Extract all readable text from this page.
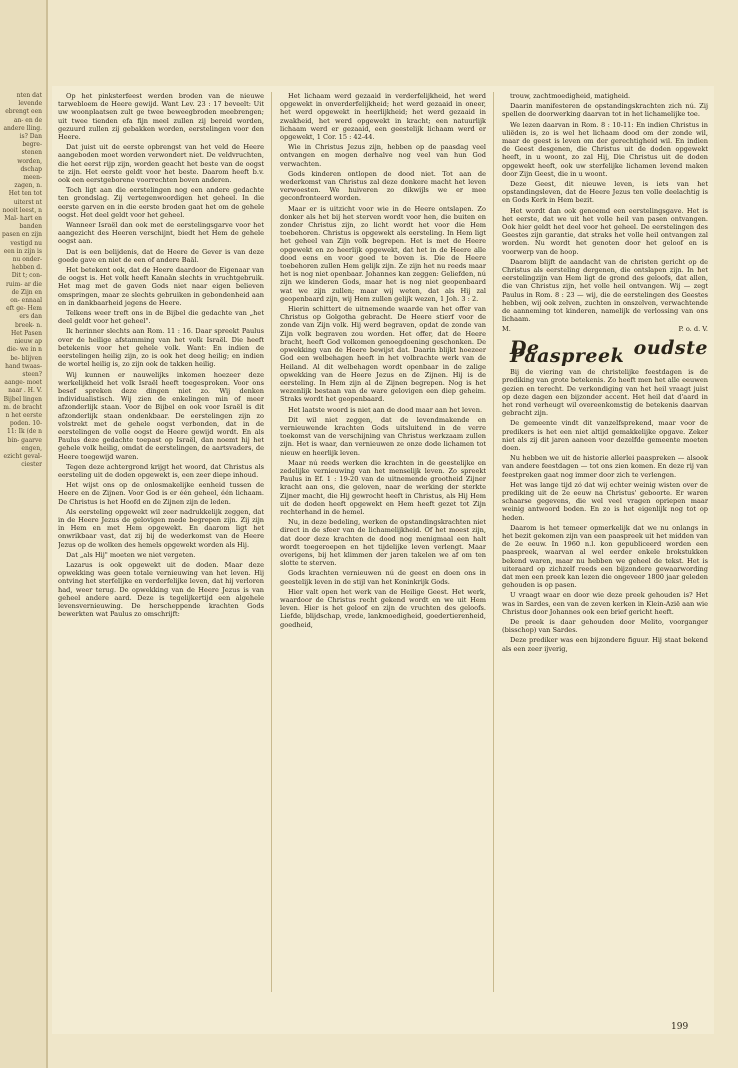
nten dat levende ebrengt een an- en de andere lling. is? Dan begre- stenen worden, dschap meen- zagen, n. Het ten tot uiterst nt nooit leest, n Mal- hart en banden pasen en zijn vestigd nu een in zijn is nu onder- hebben d. Dit t; con- ruim- ar die de Zijn en on- ennaal eft ge- Hem ers dan breek- n. Het Pasen nieuw ap die- we in n be- blijven hand twaas- steen? aange- moet naar . H. V. Bijbel lingen m. de bracht n het eerste poden. 10-11: Ik (de n bin- gaarve engen, ezicht geval- ciester

Op het pinksterfeest werden broden van de nieuwe tarwebloem de Heere gewijd. Want Lev. 23 : 17 beveelt: Uit uw woonplaatsen zult ge twee beweegbroden meebrengen; uit twee tienden efa fijn meel zullen zij bereid worden, gezuurd zullen zij gebakken worden, eerstelingen voor den Heere.

Dat juist uit de eerste opbrengst van het veld de Heere aangeboden moet worden verwondert niet. De veldvruchten, die het eerst rijp zijn, worden geacht het beste van de oogst te zijn. Het eerste geldt voor het beste. Daarom heeft b.v. ook een eerstgeborene voorrechten boven anderen.

Toch ligt aan die eerstelingen nog een andere gedachte ten grondslag. Zij vertegenwoordigen het geheel. In die eerste garven en in die eerste broden gaat het om de gehele oogst. Het deel geldt voor het geheel.

Wanneer Israël dan ook met de eerstelingsgarve voor het aangezicht des Heeren verschijnt, biedt het Hem de gehele oogst aan.

Dat is een belijdenis, dat de Heere de Gever is van deze goede gave en niet de een of andere Baäl.

Het betekent ook, dat de Heere daardoor de Eigenaar van de oogst is. Het volk heeft Kanaän slechts in vruchtgebruik. Het mag met de gaven Gods niet naar eigen believen omspringen, maar ze slechts gebruiken in gebondenheid aan en in dankbaarheid jegens de Heere.

Telkens weer treft ons in de Bijbel die gedachte van „het deel geldt voor het geheel".

Ik herinner slechts aan Rom. 11 : 16. Daar spreekt Paulus over de heilige afstamming van het volk Israël. Die heeft betekenis voor het gehele volk. Want: En indien de eerstelingen heilig zijn, zo is ook het deeg heilig; en indien de wortel heilig is, zo zijn ook de takken heilig.

Wij kunnen er nauwelijks inkomen hoezeer deze werkelijkheid het volk Israël heeft toegesproken. Voor ons besef spreken deze dingen niet zo. Wij denken individualistisch. Wij zien de enkelingen min of meer afzonderlijk staan. Voor de Bijbel en ook voor Israël is dit afzonderlijk staan ondenkbaar. De eerstelingen zijn zo volstrekt met de gehele oogst verbonden, dat in de eerstelingen de volle oogst de Heere gewijd wordt. En als Paulus deze gedachte toepast op Israël, dan noemt hij het gehele volk heilig, omdat de eerstelingen, de aartsvaders, de Heere toegewijd waren.

Tegen deze achtergrond krijgt het woord, dat Christus als eersteling uit de doden opgewekt is, een zeer diepe inhoud.

Het wijst ons op de onlosmakelijke eenheid tussen de Heere en de Zijnen. Voor God is er één geheel, één lichaam. De Christus is het Hoofd en de Zijnen zijn de leden.

Als eersteling opgewekt wil zeer nadrukkelijk zeggen, dat in de Heere Jezus de gelovigen mede begrepen zijn. Zij zijn in Hem en met Hem opgewekt. En daarom ligt het onwrikbaar vast, dat zij bij de wederkomst van de Heere Jezus op de wolken des hemels opgewekt worden als Hij.

Dat „als Hij" moeten we niet vergeten.

Lazarus is ook opgewekt uit de doden. Maar deze opwekking was geen totale vernieuwing van het leven. Hij ontving het sterfelijke en verderfelijke leven, dat hij verloren had, weer terug. De opwekking van de Heere Jezus is van geheel andere aard. Deze is tegelijkertijd een algehele levensvernieuwing. De herscheppende krachten Gods bewerkten wat Paulus zo omschrijft:

Het lichaam werd gezaaid in verderfelijkheid, het werd opgewekt in onverderfelijkheid; het werd gezaaid in oneer, het werd opgewekt in heerlijkheid; het werd gezaaid in zwakheid, het werd opgewekt in kracht; een natuurlijk lichaam werd er gezaaid, een geestelijk lichaam werd er opgewekt, 1 Cor. 15 : 42-44.

Wie in Christus Jezus zijn, hebben op de paasdag veel ontvangen en mogen derhalve nog veel van hun God verwachten.

Gods kinderen ontlopen de dood niet. Tot aan de wederkomst van Christus zal deze donkere macht het leven verwoesten. We huiveren zo dikwijls we er mee geconfronteerd worden.

Maar er is uitzicht voor wie in de Heere ontslapen. Zo donker als het bij het sterven wordt voor hen, die buiten en zonder Christus zijn, zo licht wordt het voor die Hem toebehoren. Christus is opgewekt als eersteling. In Hem ligt het geheel van Zijn volk begrepen. Het is met de Heere opgewekt en zo heerlijk opgewekt, dat het in de Heere alle dood eens en voor goed te boven is. Die de Heere toebehoren zullen Hem gelijk zijn. Ze zijn het nu reeds maar het is nog niet openbaar. Johannes kan zeggen: Geliefden, nú zijn we kinderen Gods, maar het is nog niet geopenbaard wat we zijn zullen; maar wij weten, dat als Hij zal geopenbaard zijn, wij Hem zullen gelijk wezen, 1 Joh. 3 : 2.

Hierin schittert de uitnemende waarde van het offer van Christus op Golgotha gebracht. De Heere stierf voor de zonde van Zijn volk. Hij werd begraven, opdat de zonde van Zijn volk begraven zou worden. Het offer, dat de Heere bracht, heeft God volkomen genoegdoening geschonken. De opwekking van de Heere bewijst dat. Daarin blijkt hoezeer God een welbehagen heeft in het volbrachte werk van de Heiland. Al dit welbehagen wordt openbaar in de zalige opwekking van de Heere Jezus en de Zijnen. Hij is de eersteling. In Hem zijn al de Zijnen begrepen. Nog is het wezenlijk bestaan van de ware gelovigen een diep geheim. Straks wordt het geopenbaard.

Het laatste woord is niet aan de dood maar aan het leven.

Dit wil niet zeggen, dat de levendmakende en vernieuwende krachten Gods uitsluitend in de verre toekomst van de verschijning van Christus werkzaam zullen zijn. Het is waar, dan vernieuwen ze onze dode lichamen tot nieuw en heerlijk leven.

Maar nú reeds werken die krachten in de geestelijke en zedelijke vernieuwing van het menselijk leven. Zo spreekt Paulus in Ef. 1 : 19-20 van de uitnemende grootheid Zijner kracht aan ons, die geloven, naar de werking der sterkte Zijner macht, die Hij gewrocht heeft in Christus, als Hij Hem uit de doden heeft opgewekt en Hem heeft gezet tot Zijn rechterhand in de hemel.

Nu, in deze bedeling, werken de opstandingskrachten niet direct in de sfeer van de lichamelijkheid. Of het moest zijn, dat door deze krachten de dood nog menigmaal een halt wordt toegeroepen en het tijdelijke leven verlengt. Maar overigens, bij het klimmen der jaren takelen we af om ten slotte te sterven.

Gods krachten vernieuwen nú de geest en doen ons in geestelijk leven in de stijl van het Koninkrijk Gods.

Hier valt open het werk van de Heilige Geest. Het werk, waardoor de Christus recht gekend wordt en we uit Hem leven. Hier is het geloof en zijn de vruchten des geloofs. Liefde, blijdschap, vrede, lankmoedigheid, goedertierenheid, goedheid,

trouw, zachtmoedigheid, matigheid.

Daarin manifesteren de opstandingskrachten zich nú. Zij spellen de doorwerking daarvan tot in het lichamelijke toe.

We lezen daarvan in Rom. 8 : 10-11: En indien Christus in uliëden is, zo is wel het lichaam dood om der zonde wil, maar de geest is leven om der gerechtigheid wil. En indien de Geest desgenen, die Christus uit de doden opgewekt heeft, in u woont, zo zal Hij, Die Christus uit de doden opgewekt heeft, ook uw sterfelijke lichamen levend maken door Zijn Geest, die in u woont.

Deze Geest, dit nieuwe leven, is iets van het opstandingsleven, dat de Heere Jezus ten volle deelachtig is en Gods Kerk in Hem bezit.

Het wordt dan ook genoemd een eerstelingsgave. Het is het eerste, dat we uit het volle heil van pasen ontvangen. Ook hier geldt het deel voor het geheel. De eerstelingen des Geestes zijn garantie, dat straks het volle heil ontvangen zal worden. Nu wordt het genoten door het geloof en is voorwerp van de hoop.

Daarom blijft de aandacht van de christen gericht op de Christus als eersteling dergenen, die ontslapen zijn. In het eerstelingzijn van Hem ligt de grond des geloofs, dat allen, die van Christus zijn, het volle heil ontvangen. Wij — zegt Paulus in Rom. 8 : 23 — wij, die de eerstelingen des Geestes hebben, wij ook zelven, zuchten in onszelven, verwachtende de aanneming tot kinderen, namelijk de verlossing van ons lichaam.

M.	P. o. d. V.
De oudste Paaspreek

Bij de viering van de christelijke feestdagen is de prediking van grote betekenis. Zo heeft men het alle eeuwen gezien en terecht. De verkondiging van het heil vraagt juist op deze dagen een bijzonder accent. Het heil dat d'aard in het rond verheugt wil overeenkomstig de betekenis daarvan gebracht zijn.

De gemeente vindt dit vanzelfsprekend, maar voor de predikers is het een niet altijd gemakkelijke opgave. Zeker niet als zij dit jaren aaneen voor dezelfde gemeente moeten doen.

Nu hebben we uit de historie allerlei paaspreken — alsook van andere feestdagen — tot ons zien komen. En deze rij van feestpreken gaat nog immer door zich te verlengen.

Het was lange tijd zó dat wij echter weinig wisten over de prediking uit de 2e eeuw na Christus' geboorte. Er waren schaarse gegevens, die wel veel vragen opriepen maar weinig antwoord boden. En zo is het eigenlijk nog tot op heden.

Daarom is het temeer opmerkelijk dat we nu onlangs in het bezit gekomen zijn van een paaspreek uit het midden van de 2e eeuw. In 1960 n.l. kon gepubliceerd worden een paaspreek, waarvan al wel eerder enkele brokstukken bekend waren, maar nu hebben we geheel de tekst. Het is uiteraard op zichzelf reeds een bijzondere gewaarwording dat men een preek kan lezen die ongeveer 1800 jaar geleden gehouden is op pasen.

U vraagt waar en door wie deze preek gehouden is? Het was in Sardes, een van de zeven kerken in Klein-Azië aan wie Christus door Johannes ook een brief gericht heeft.

De preek is daar gehouden door Melito, voorganger (bisschop) van Sardes.

Deze prediker was een bijzondere figuur. Hij staat bekend als een zeer ijverig,

199
